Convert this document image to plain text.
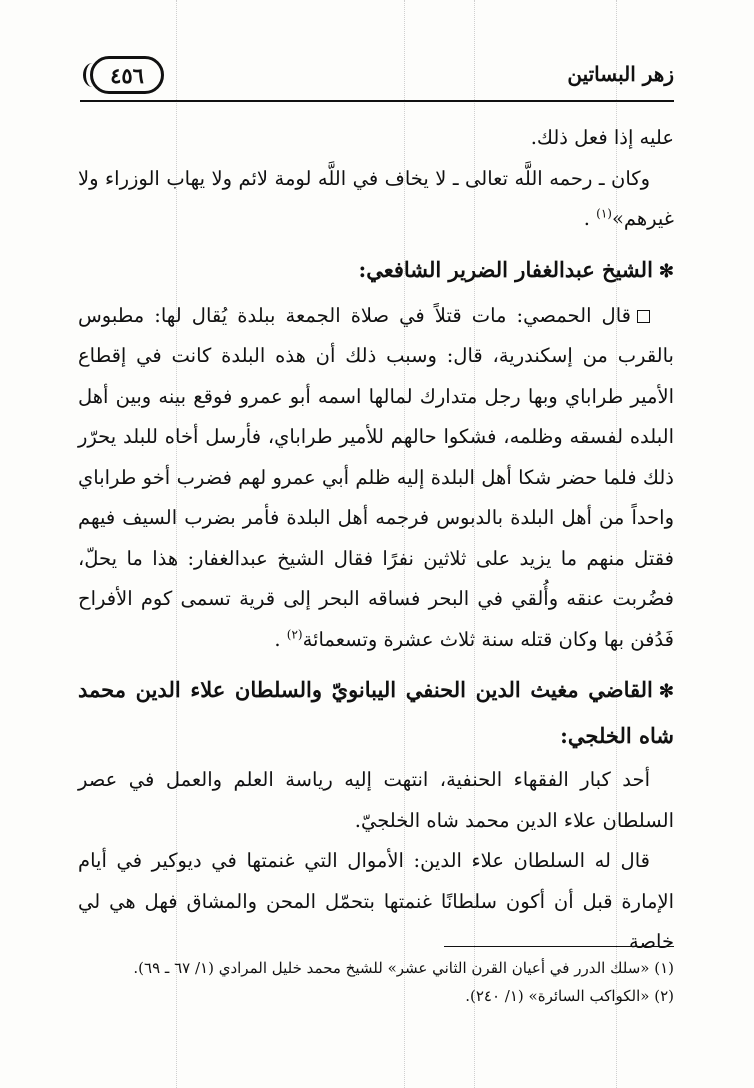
زهر البساتين
٤٥٦

عليه إذا فعل ذلك.

وكان ـ رحمه اللَّه تعالى ـ لا يخاف في اللَّه لومة لائم ولا يهاب الوزراء ولا غيرهم»$^{(١)}$ .

✻الشيخ عبدالغفار الضرير الشافعي:

قال الحمصي: مات قتلاً في صلاة الجمعة ببلدة يُقال لها: مطبوس بالقرب من إسكندرية، قال: وسبب ذلك أن هذه البلدة كانت في إقطاع الأمير طراباي وبها رجل متدارك لمالها اسمه أبو عمرو فوقع بينه وبين أهل البلده لفسقه وظلمه، فشكوا حالهم للأمير طراباي، فأرسل أخاه للبلد يحرّر ذلك فلما حضر شكا أهل البلدة إليه ظلم أبي عمرو لهم فضرب أخو طراباي واحداً من أهل البلدة بالدبوس فرجمه أهل البلدة فأمر بضرب السيف فيهم فقتل منهم ما يزيد على ثلاثين نفرًا فقال الشيخ عبدالغفار: هذا ما يحلّ، فضُربت عنقه وأُلقي في البحر فساقه البحر إلى قرية تسمى كوم الأفراح فَدُفن بها وكان قتله سنة ثلاث عشرة وتسعمائة$^{(٢)}$ .

✻القاضي مغيث الدين الحنفي اليبانويّ والسلطان علاء الدين محمد شاه الخلجي:

أحد كبار الفقهاء الحنفية، انتهت إليه رياسة العلم والعمل في عصر السلطان علاء الدين محمد شاه الخلجيّ.

قال له السلطان علاء الدين: الأموال التي غنمتها في ديوكير في أيام الإمارة قبل أن أكون سلطانًا غنمتها بتحمّل المحن والمشاق فهل هي لي خاصة

(١) «سلك الدرر في أعيان القرن الثاني عشر» للشيخ محمد خليل المرادي (١/ ٦٧ ـ ٦٩).

(٢) «الكواكب السائرة» (١/ ٢٤٠).
